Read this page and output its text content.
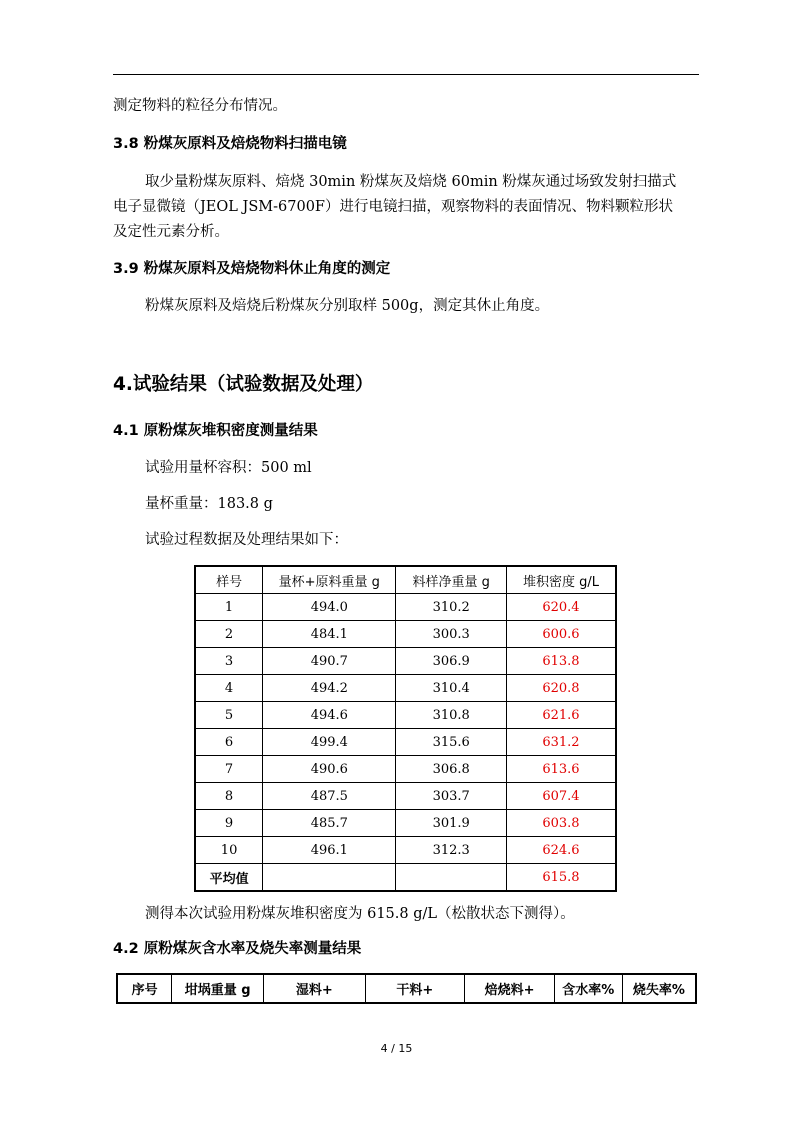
测定物料的粒径分布情况。
3.8 粉煤灰原料及焙烧物料扫描电镜
取少量粉煤灰原料、焙烧 30min 粉煤灰及焙烧 60min 粉煤灰通过场致发射扫描式
电子显微镜（JEOL JSM-6700F）进行电镜扫描，观察物料的表面情况、物料颗粒形状
及定性元素分析。
3.9 粉煤灰原料及焙烧物料休止角度的测定
粉煤灰原料及焙烧后粉煤灰分别取样 500g，测定其休止角度。
4.试验结果（试验数据及处理）
4.1 原粉煤灰堆积密度测量结果
试验用量杯容积：500 ml
量杯重量：183.8 g
试验过程数据及处理结果如下：
样号	量杯+原料重量 g	料样净重量 g	堆积密度 g/L
1	494.0	310.2	620.4
2	484.1	300.3	600.6
3	490.7	306.9	613.8
4	494.2	310.4	620.8
5	494.6	310.8	621.6
6	499.4	315.6	631.2
7	490.6	306.8	613.6
8	487.5	303.7	607.4
9	485.7	301.9	603.8
10	496.1	312.3	624.6
平均值			615.8
测得本次试验用粉煤灰堆积密度为 615.8 g/L（松散状态下测得）。
4.2 原粉煤灰含水率及烧失率测量结果
序号	坩埚重量 g	湿料+	干料+	焙烧料+	含水率%	烧失率%
4 / 15
